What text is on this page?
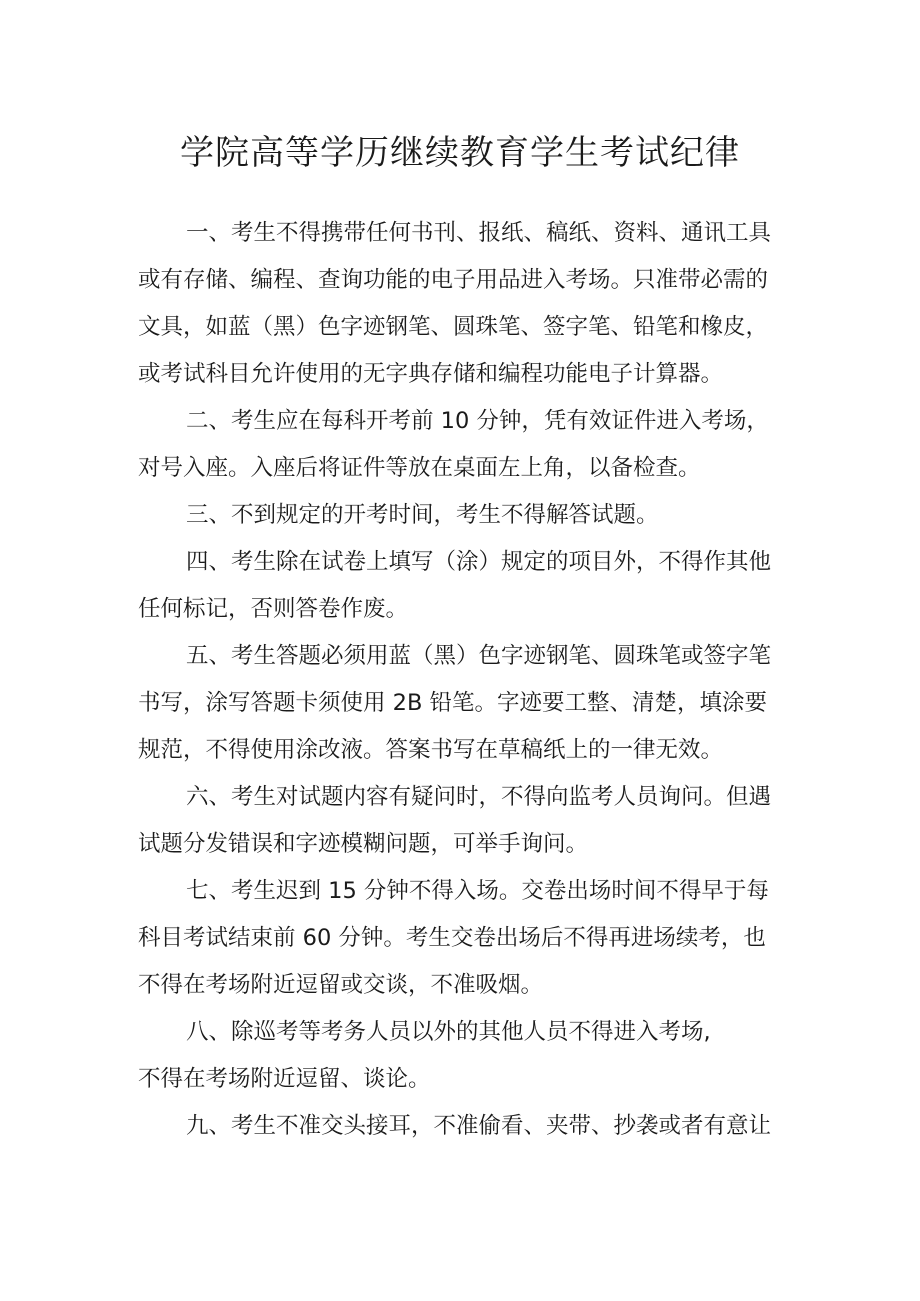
学院高等学历继续教育学生考试纪律
一、考生不得携带任何书刊、报纸、稿纸、资料、通讯工具
或有存储、编程、查询功能的电子用品进入考场。只准带必需的
文具，如蓝（黑）色字迹钢笔、圆珠笔、签字笔、铅笔和橡皮，
或考试科目允许使用的无字典存储和编程功能电子计算器。
二、考生应在每科开考前 10 分钟，凭有效证件进入考场，
对号入座。入座后将证件等放在桌面左上角，以备检查。
三、不到规定的开考时间，考生不得解答试题。
四、考生除在试卷上填写（涂）规定的项目外，不得作其他
任何标记，否则答卷作废。
五、考生答题必须用蓝（黑）色字迹钢笔、圆珠笔或签字笔
书写，涂写答题卡须使用 2B 铅笔。字迹要工整、清楚，填涂要
规范，不得使用涂改液。答案书写在草稿纸上的一律无效。
六、考生对试题内容有疑问时，不得向监考人员询问。但遇
试题分发错误和字迹模糊问题，可举手询问。
七、考生迟到 15 分钟不得入场。交卷出场时间不得早于每
科目考试结束前 60 分钟。考生交卷出场后不得再进场续考，也
不得在考场附近逗留或交谈，不准吸烟。
八、除巡考等考务人员以外的其他人员不得进入考场,
不得在考场附近逗留、谈论。
九、考生不准交头接耳，不准偷看、夹带、抄袭或者有意让
